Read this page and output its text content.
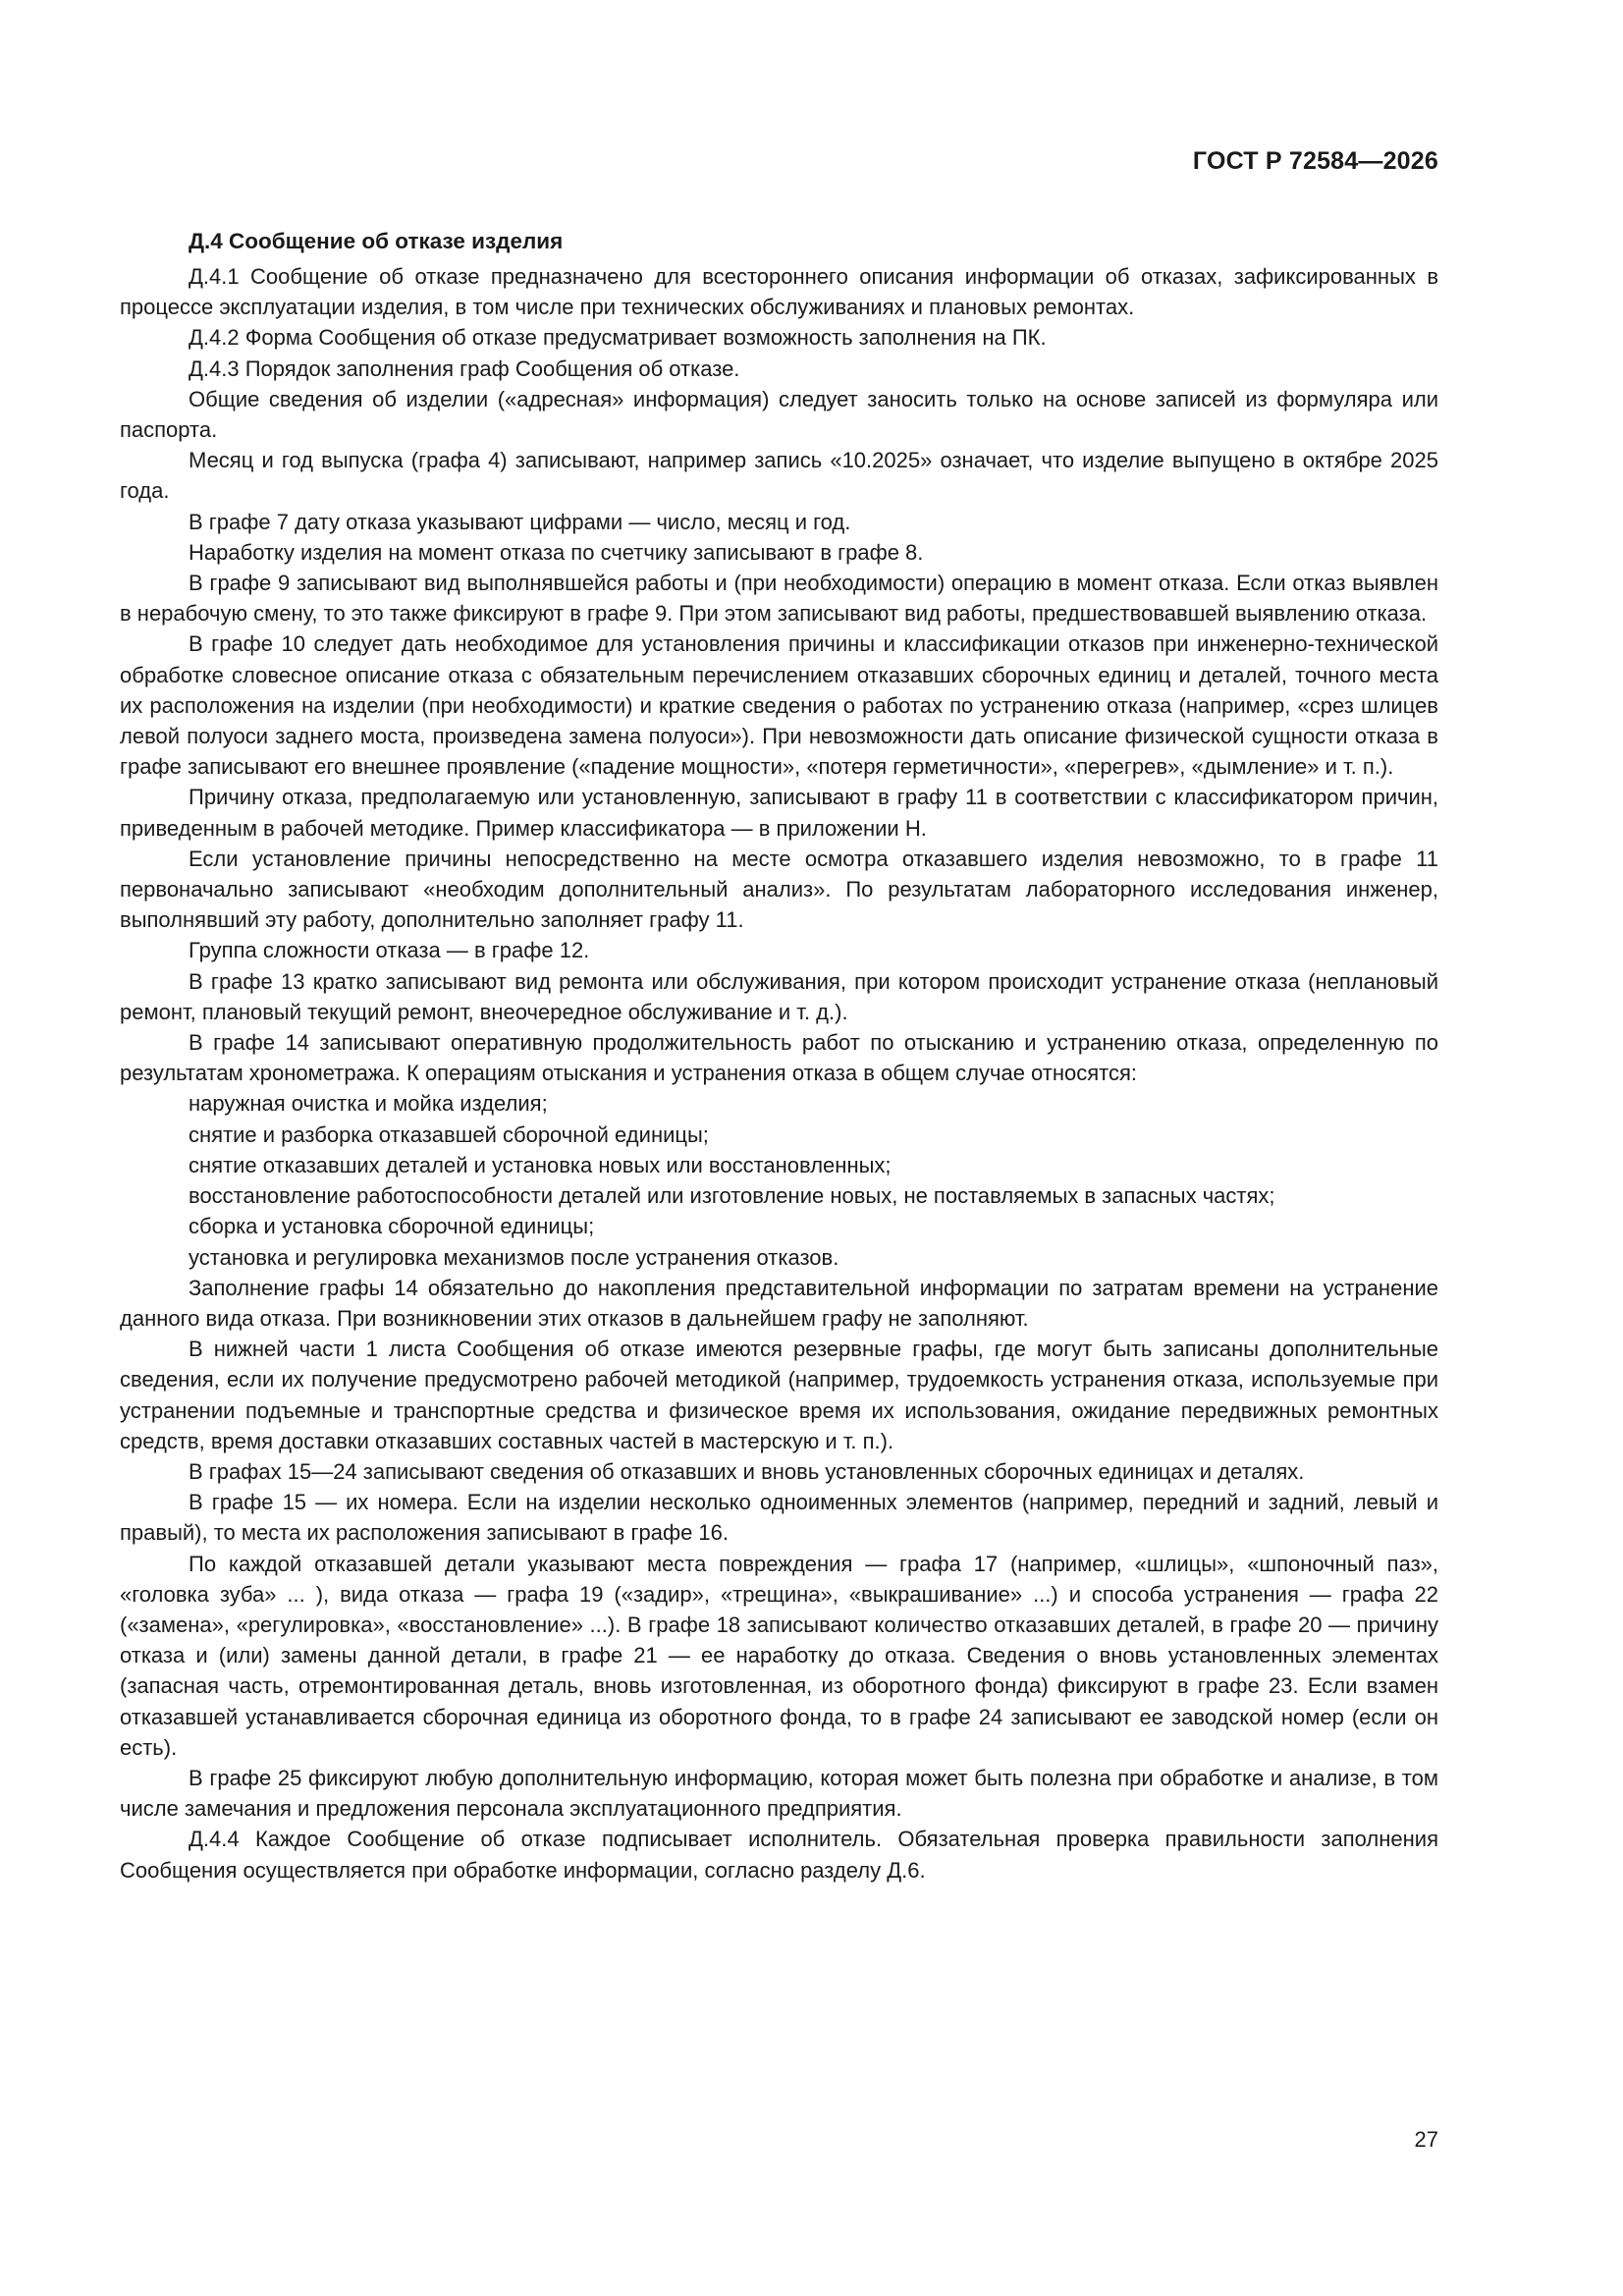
ГОСТ Р 72584—2026
Д.4 Сообщение об отказе изделия

Д.4.1 Сообщение об отказе предназначено для всестороннего описания информации об отказах, зафиксированных в процессе эксплуатации изделия, в том числе при технических обслуживаниях и плановых ремонтах.

Д.4.2 Форма Сообщения об отказе предусматривает возможность заполнения на ПК.

Д.4.3 Порядок заполнения граф Сообщения об отказе.

Общие сведения об изделии («адресная» информация) следует заносить только на основе записей из формуляра или паспорта.

Месяц и год выпуска (графа 4) записывают, например запись «10.2025» означает, что изделие выпущено в октябре 2025 года.

В графе 7 дату отказа указывают цифрами — число, месяц и год.

Наработку изделия на момент отказа по счетчику записывают в графе 8.

В графе 9 записывают вид выполнявшейся работы и (при необходимости) операцию в момент отказа. Если отказ выявлен в нерабочую смену, то это также фиксируют в графе 9. При этом записывают вид работы, предшествовавшей выявлению отказа.

В графе 10 следует дать необходимое для установления причины и классификации отказов при инженерно-технической обработке словесное описание отказа с обязательным перечислением отказавших сборочных единиц и деталей, точного места их расположения на изделии (при необходимости) и краткие сведения о работах по устранению отказа (например, «срез шлицев левой полуоси заднего моста, произведена замена полуоси»). При невозможности дать описание физической сущности отказа в графе записывают его внешнее проявление («падение мощности», «потеря герметичности», «перегрев», «дымление» и т. п.).

Причину отказа, предполагаемую или установленную, записывают в графу 11 в соответствии с классификатором причин, приведенным в рабочей методике. Пример классификатора — в приложении Н.

Если установление причины непосредственно на месте осмотра отказавшего изделия невозможно, то в графе 11 первоначально записывают «необходим дополнительный анализ». По результатам лабораторного исследования инженер, выполнявший эту работу, дополнительно заполняет графу 11.

Группа сложности отказа — в графе 12.

В графе 13 кратко записывают вид ремонта или обслуживания, при котором происходит устранение отказа (неплановый ремонт, плановый текущий ремонт, внеочередное обслуживание и т. д.).

В графе 14 записывают оперативную продолжительность работ по отысканию и устранению отказа, определенную по результатам хронометража. К операциям отыскания и устранения отказа в общем случае относятся:

наружная очистка и мойка изделия;

снятие и разборка отказавшей сборочной единицы;

снятие отказавших деталей и установка новых или восстановленных;

восстановление работоспособности деталей или изготовление новых, не поставляемых в запасных частях;

сборка и установка сборочной единицы;

установка и регулировка механизмов после устранения отказов.

Заполнение графы 14 обязательно до накопления представительной информации по затратам времени на устранение данного вида отказа. При возникновении этих отказов в дальнейшем графу не заполняют.

В нижней части 1 листа Сообщения об отказе имеются резервные графы, где могут быть записаны дополнительные сведения, если их получение предусмотрено рабочей методикой (например, трудоемкость устранения отказа, используемые при устранении подъемные и транспортные средства и физическое время их использования, ожидание передвижных ремонтных средств, время доставки отказавших составных частей в мастерскую и т. п.).

В графах 15—24 записывают сведения об отказавших и вновь установленных сборочных единицах и деталях.

В графе 15 — их номера. Если на изделии несколько одноименных элементов (например, передний и задний, левый и правый), то места их расположения записывают в графе 16.

По каждой отказавшей детали указывают места повреждения — графа 17 (например, «шлицы», «шпоночный паз», «головка зуба» ... ), вида отказа — графа 19 («задир», «трещина», «выкрашивание» ...) и способа устранения — графа 22 («замена», «регулировка», «восстановление» ...). В графе 18 записывают количество отказавших деталей, в графе 20 — причину отказа и (или) замены данной детали, в графе 21 — ее наработку до отказа. Сведения о вновь установленных элементах (запасная часть, отремонтированная деталь, вновь изготовленная, из оборотного фонда) фиксируют в графе 23. Если взамен отказавшей устанавливается сборочная единица из оборотного фонда, то в графе 24 записывают ее заводской номер (если он есть).

В графе 25 фиксируют любую дополнительную информацию, которая может быть полезна при обработке и анализе, в том числе замечания и предложения персонала эксплуатационного предприятия.

Д.4.4 Каждое Сообщение об отказе подписывает исполнитель. Обязательная проверка правильности заполнения Сообщения осуществляется при обработке информации, согласно разделу Д.6.

27
